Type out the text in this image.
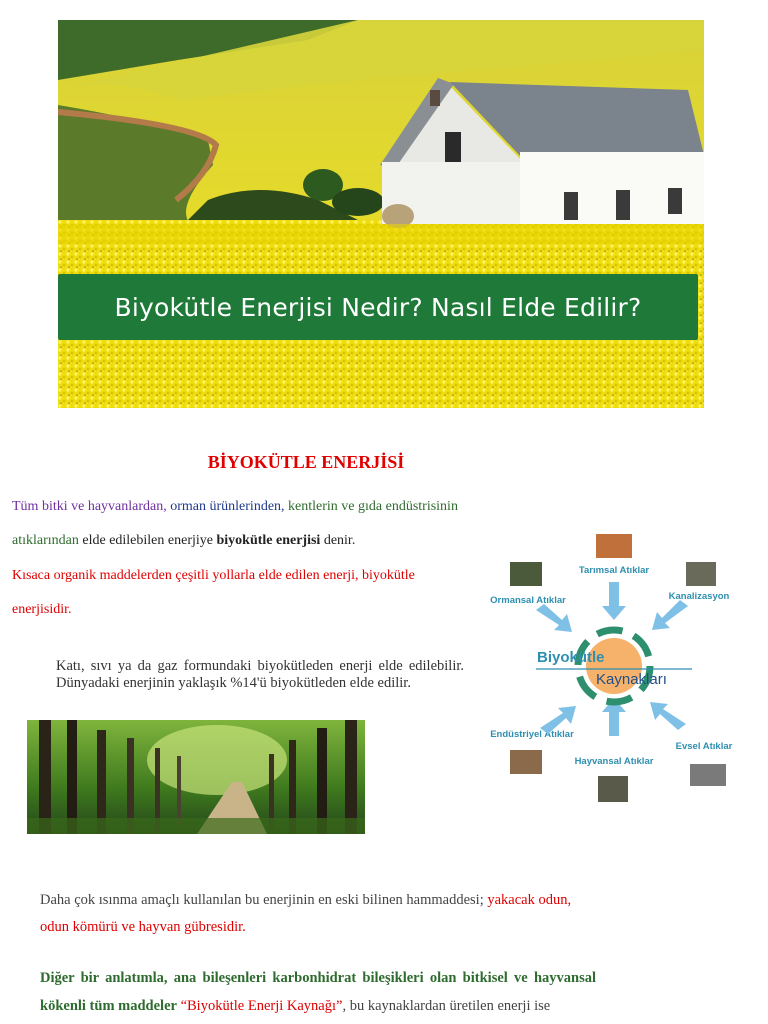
Biyokütle Enerjisi Nedir? Nasıl Elde Edilir?
BİYOKÜTLE ENERJİSİ
Tüm bitki ve hayvanlardan, orman ürünlerinden, kentlerin ve gıda endüstrisinin
atıklarından elde edilebilen enerjiye biyokütle enerjisi denir.
Kısaca organik maddelerden çeşitli yollarla elde edilen enerji, biyokütle
enerjisidir.
Katı, sıvı ya da gaz formundaki biyokütleden enerji elde edilebilir. Dünyadaki enerjinin yaklaşık %14'ü biyokütleden elde edilir.
Tarımsal Atıklar
Ormansal Atıklar	Kanalizasyon
Endüstriyel Atıklar
Hayvansal Atıklar
Evsel Atıklar
Biyokütle
Kaynakları
Daha çok ısınma amaçlı kullanılan bu enerjinin en eski bilinen hammaddesi; yakacak odun, odun kömürü ve hayvan gübresidir.
Diğer bir anlatımla, ana bileşenleri karbonhidrat bileşikleri olan bitkisel ve hayvansal kökenli tüm maddeler “Biyokütle Enerji Kaynağı”, bu kaynaklardan üretilen enerji ise
